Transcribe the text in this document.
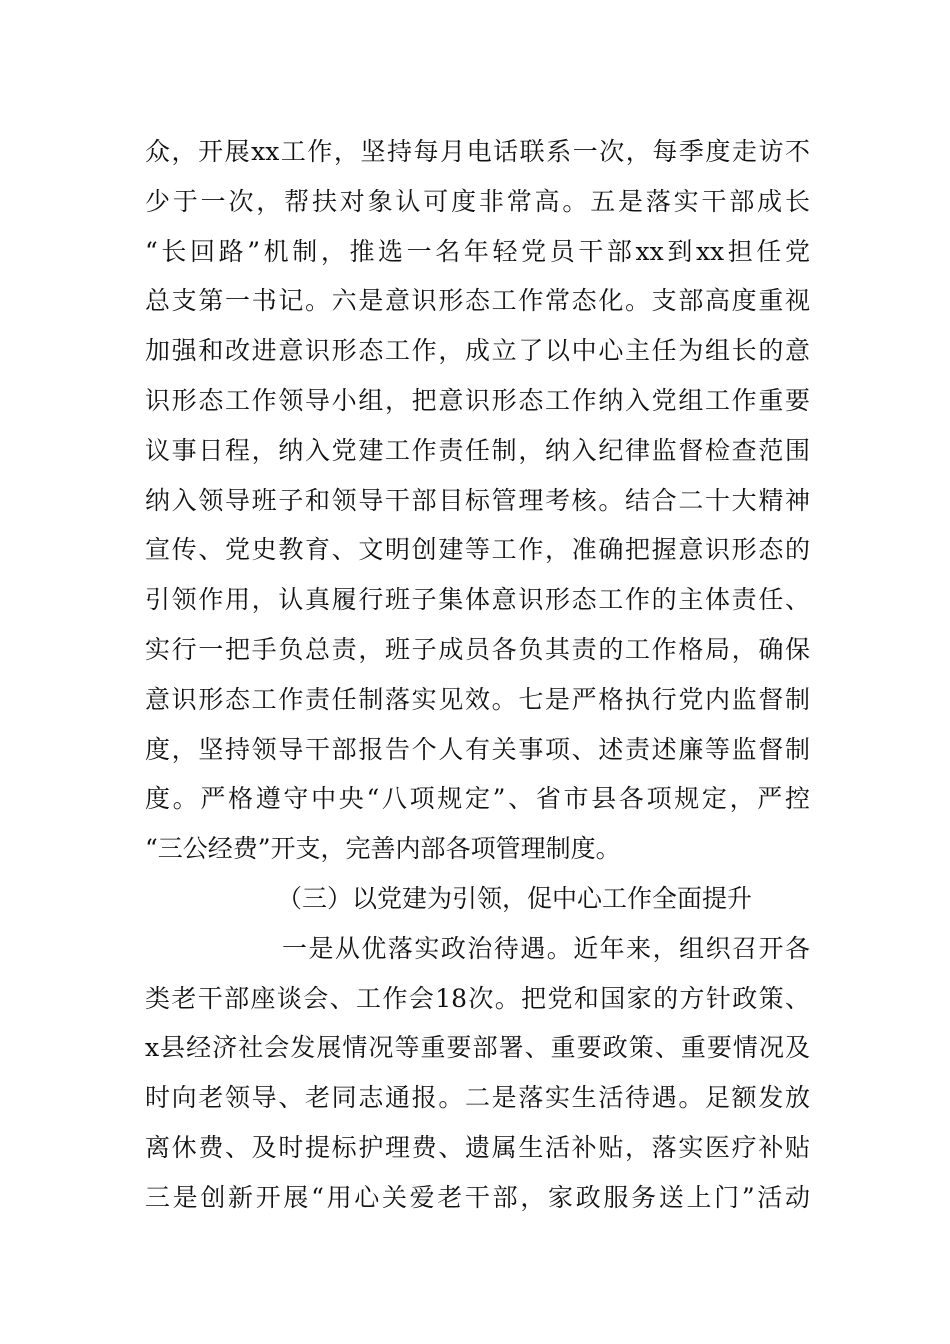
众，开展xx工作，坚持每月电话联系一次，每季度走访不
少于一次，帮扶对象认可度非常高。五是落实干部成长
“长回路”机制，推选一名年轻党员干部xx到xx担任党
总支第一书记。六是意识形态工作常态化。支部高度重视
加强和改进意识形态工作，成立了以中心主任为组长的意
识形态工作领导小组，把意识形态工作纳入党组工作重要
议事日程，纳入党建工作责任制，纳入纪律监督检查范围
纳入领导班子和领导干部目标管理考核。结合二十大精神
宣传、党史教育、文明创建等工作，准确把握意识形态的
引领作用，认真履行班子集体意识形态工作的主体责任、
实行一把手负总责，班子成员各负其责的工作格局，确保
意识形态工作责任制落实见效。七是严格执行党内监督制
度，坚持领导干部报告个人有关事项、述责述廉等监督制
度。严格遵守中央“八项规定”、省市县各项规定，严控
“三公经费”开支，完善内部各项管理制度。
（三）以党建为引领，促中心工作全面提升
一是从优落实政治待遇。近年来，组织召开各
类老干部座谈会、工作会18次。把党和国家的方针政策、
x县经济社会发展情况等重要部署、重要政策、重要情况及
时向老领导、老同志通报。二是落实生活待遇。足额发放
离休费、及时提标护理费、遗属生活补贴，落实医疗补贴
三是创新开展“用心关爱老干部，家政服务送上门”活动
